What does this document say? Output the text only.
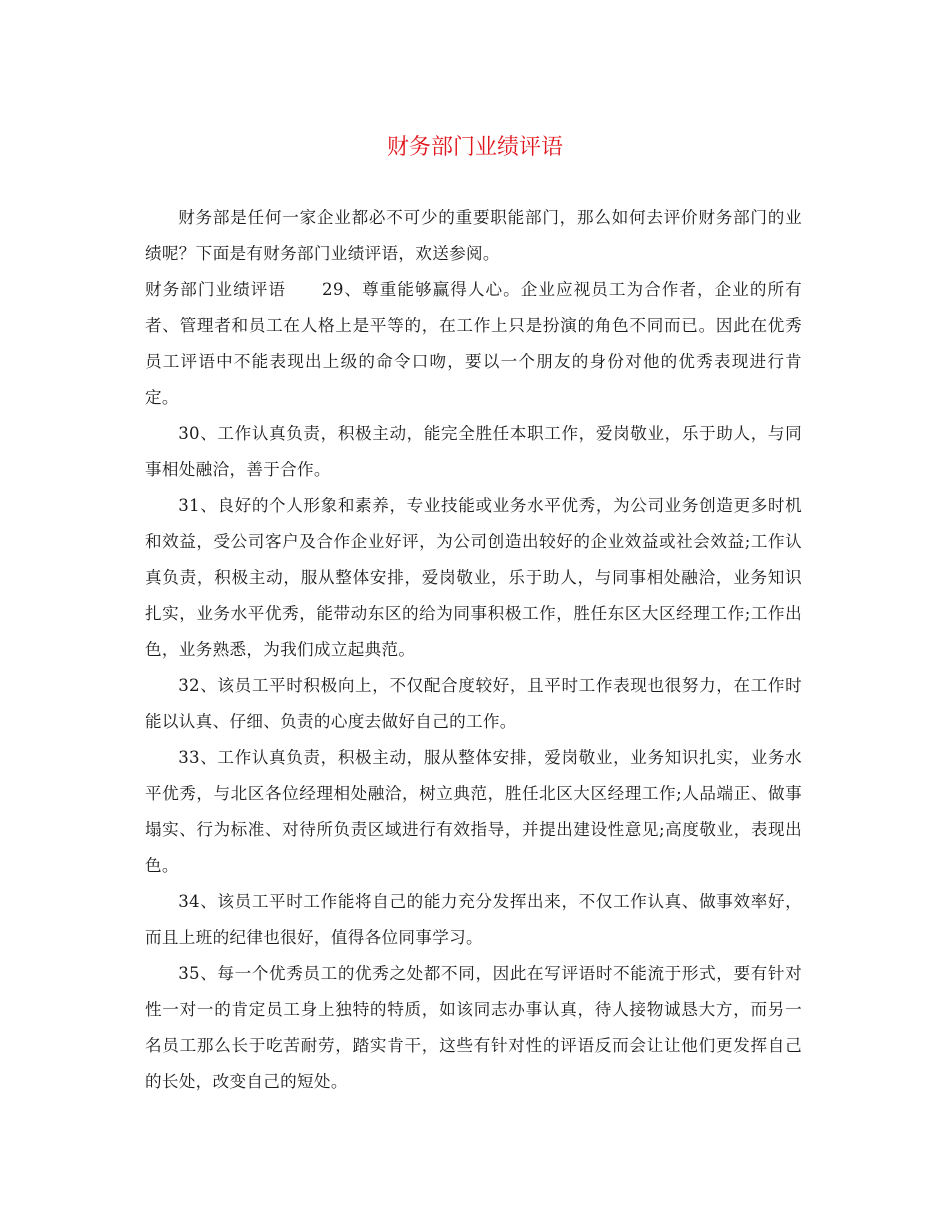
财务部门业绩评语

财务部是任何一家企业都必不可少的重要职能部门，那么如何去评价财务部门的业绩呢？下面是有财务部门业绩评语，欢送参阅。

财务部门业绩评语 29、尊重能够赢得人心。企业应视员工为合作者，企业的所有者、管理者和员工在人格上是平等的，在工作上只是扮演的角色不同而已。因此在优秀员工评语中不能表现出上级的命令口吻，要以一个朋友的身份对他的优秀表现进行肯定。

30、工作认真负责，积极主动，能完全胜任本职工作，爱岗敬业，乐于助人，与同事相处融洽，善于合作。

31、良好的个人形象和素养，专业技能或业务水平优秀，为公司业务创造更多时机和效益，受公司客户及合作企业好评，为公司创造出较好的企业效益或社会效益;工作认真负责，积极主动，服从整体安排，爱岗敬业，乐于助人，与同事相处融洽，业务知识扎实，业务水平优秀，能带动东区的给为同事积极工作，胜任东区大区经理工作;工作出色，业务熟悉，为我们成立起典范。

32、该员工平时积极向上，不仅配合度较好，且平时工作表现也很努力，在工作时能以认真、仔细、负责的心度去做好自己的工作。

33、工作认真负责，积极主动，服从整体安排，爱岗敬业，业务知识扎实，业务水平优秀，与北区各位经理相处融洽，树立典范，胜任北区大区经理工作;人品端正、做事塌实、行为标准、对待所负责区域进行有效指导，并提出建设性意见;高度敬业，表现出色。

34、该员工平时工作能将自己的能力充分发挥出来，不仅工作认真、做事效率好，而且上班的纪律也很好，值得各位同事学习。

35、每一个优秀员工的优秀之处都不同，因此在写评语时不能流于形式，要有针对性一对一的肯定员工身上独特的特质，如该同志办事认真，待人接物诚恳大方，而另一名员工那么长于吃苦耐劳，踏实肯干，这些有针对性的评语反而会让让他们更发挥自己的长处，改变自己的短处。
